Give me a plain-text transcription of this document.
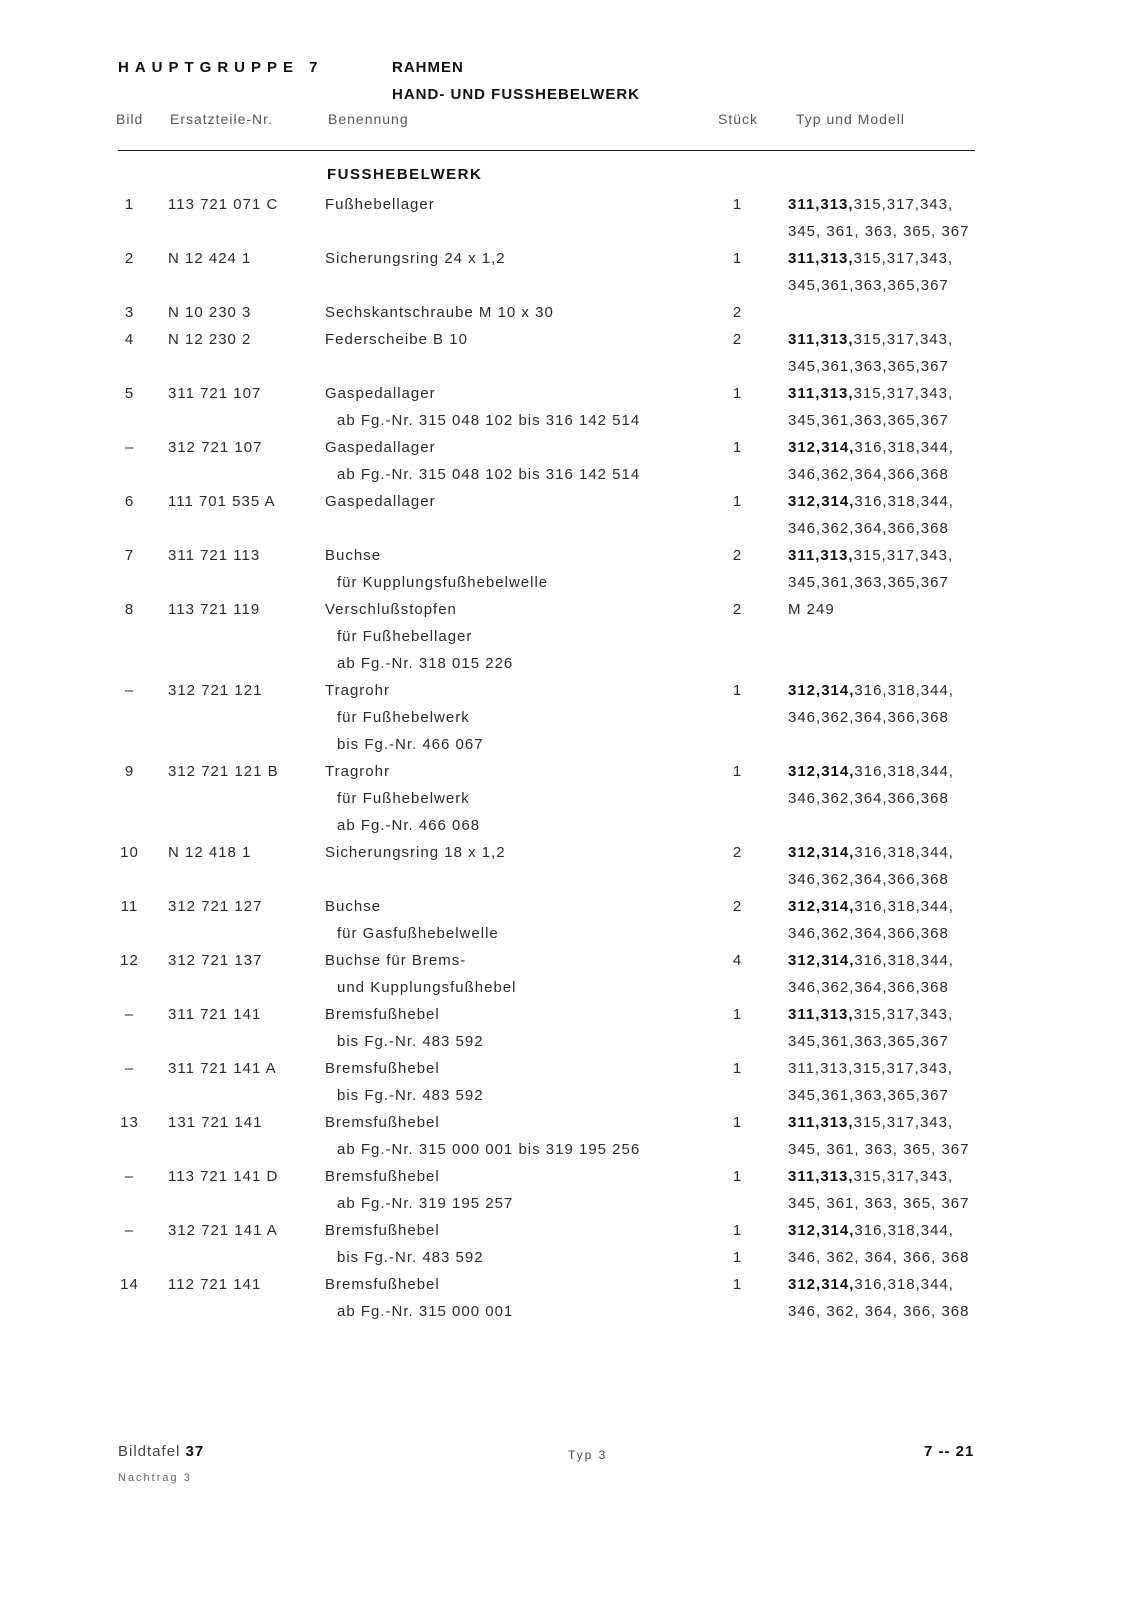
HAUPTGRUPPE 7	RAHMEN
HAND- UND FUSSHEBELWERK
Bild Ersatzteile-Nr.	Benennung	Stück	Typ und Modell
FUSSHEBELWERK
1	113 721 071 C	Fußhebellager	1	311,313,315,317,343,
345, 361, 363, 365, 367
2	N 12 424 1	Sicherungsring 24 x 1,2	1	311,313,315,317,343,
345,361,363,365,367
3	N 10 230 3	Sechskantschraube M 10 x 30	2
4	N 12 230 2	Federscheibe B 10	2	311,313,315,317,343,
345,361,363,365,367
5	311 721 107	Gaspedallager	1	311,313,315,317,343,
ab Fg.-Nr. 315 048 102 bis 316 142 514	345,361,363,365,367
–	312 721 107	Gaspedallager	1	312,314,316,318,344,
ab Fg.-Nr. 315 048 102 bis 316 142 514	346,362,364,366,368
6	111 701 535 A	Gaspedallager	1	312,314,316,318,344,
346,362,364,366,368
7	311 721 113	Buchse	2	311,313,315,317,343,
für Kupplungsfußhebelwelle	345,361,363,365,367
8	113 721 119	Verschlußstopfen	2	M 249
für Fußhebellager
ab Fg.-Nr. 318 015 226
–	312 721 121	Tragrohr	1	312,314,316,318,344,
für Fußhebelwerk	346,362,364,366,368
bis Fg.-Nr. 466 067
9	312 721 121 B	Tragrohr	1	312,314,316,318,344,
für Fußhebelwerk	346,362,364,366,368
ab Fg.-Nr. 466 068
10	N 12 418 1	Sicherungsring 18 x 1,2	2	312,314,316,318,344,
346,362,364,366,368
11	312 721 127	Buchse	2	312,314,316,318,344,
für Gasfußhebelwelle	346,362,364,366,368
12	312 721 137	Buchse für Brems-	4	312,314,316,318,344,
und Kupplungsfußhebel	346,362,364,366,368
–	311 721 141	Bremsfußhebel	1	311,313,315,317,343,
bis Fg.-Nr. 483 592	345,361,363,365,367
–	311 721 141 A	Bremsfußhebel	1	311,313,315,317,343,
bis Fg.-Nr. 483 592	345,361,363,365,367
13	131 721 141	Bremsfußhebel	1	311,313,315,317,343,
ab Fg.-Nr. 315 000 001 bis 319 195 256	345, 361, 363, 365, 367
–	113 721 141 D	Bremsfußhebel	1	311,313,315,317,343,
ab Fg.-Nr. 319 195 257	345, 361, 363, 365, 367
–	312 721 141 A	Bremsfußhebel	1	312,314,316,318,344,
bis Fg.-Nr. 483 592	1	346, 362, 364, 366, 368
14	112 721 141	Bremsfußhebel	1	312,314,316,318,344,
ab Fg.-Nr. 315 000 001	346, 362, 364, 366, 368
Bildtafel 37
Nachtrag 3
Typ 3	7 -- 21
